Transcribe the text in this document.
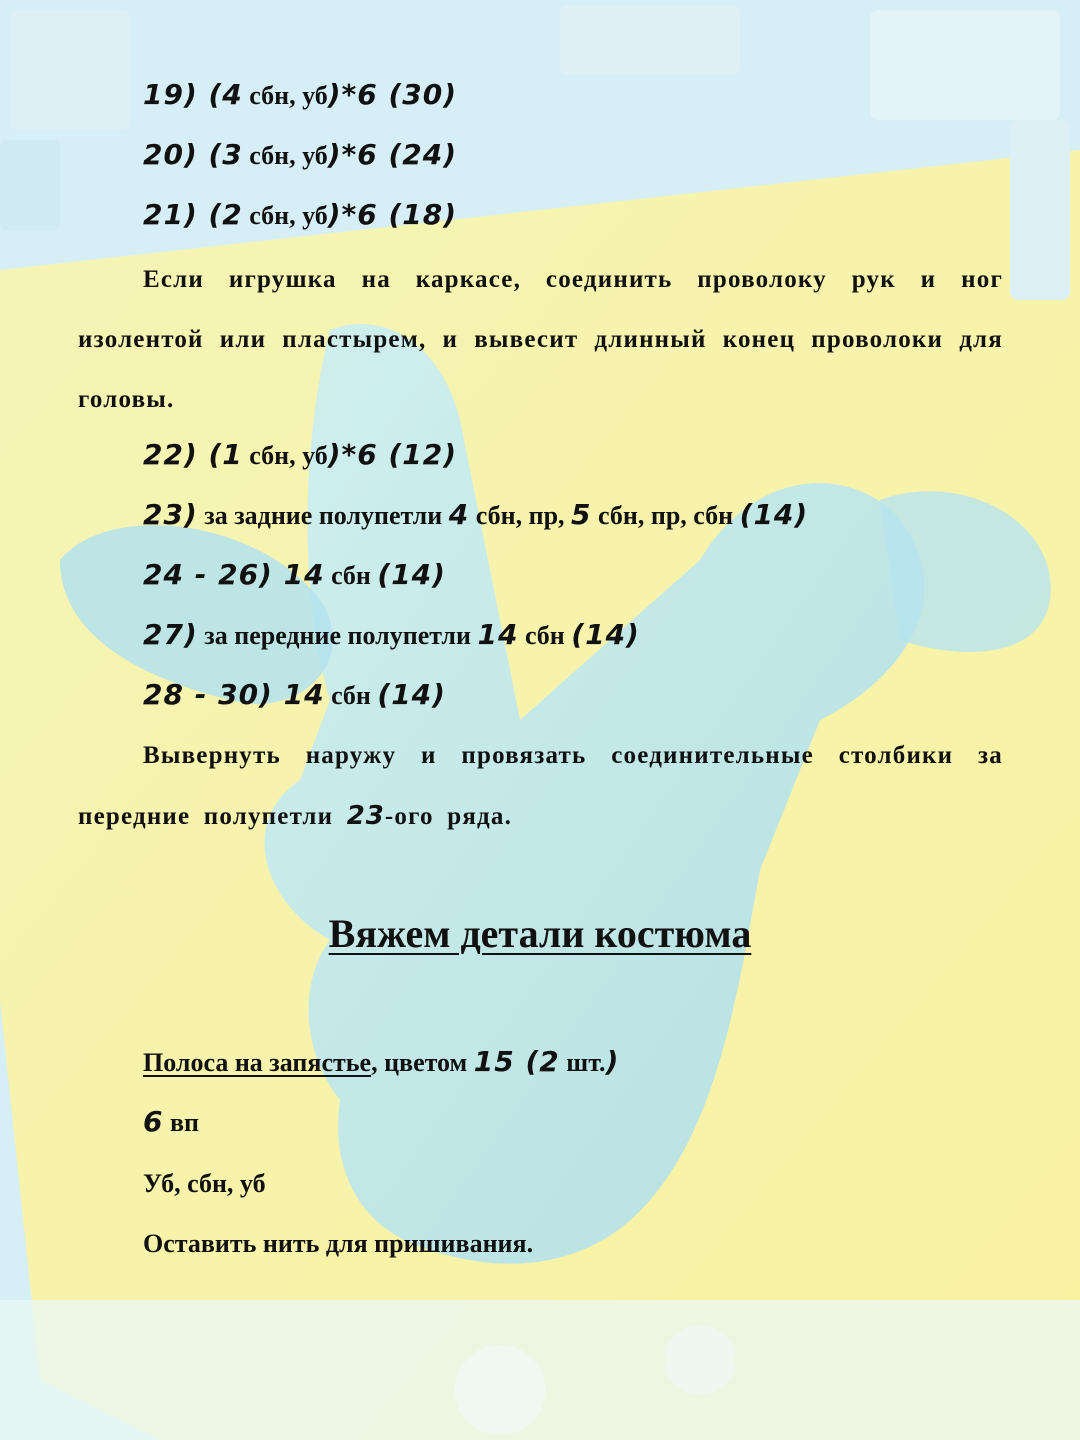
19) (4 сбн, уб)*6 (30)
20) (3 сбн, уб)*6 (24)
21) (2 сбн, уб)*6 (18)
Если игрушка на каркасе, соединить проволоку рук и ног изолентой или пластырем, и вывесит длинный конец проволоки для головы.
22) (1 сбн, уб)*6 (12)
23) за задние полупетли 4 сбн, пр, 5 сбн, пр, сбн (14)
24 - 26) 14 сбн (14)
27) за передние полупетли 14 сбн (14)
28 - 30) 14 сбн (14)
Вывернуть наружу и провязать соединительные столбики за передние полупетли 23-ого ряда.
Вяжем детали костюма
Полоса на запястье, цветом 15 (2 шт.)
6 вп
Уб, сбн, уб
Оставить нить для пришивания.
